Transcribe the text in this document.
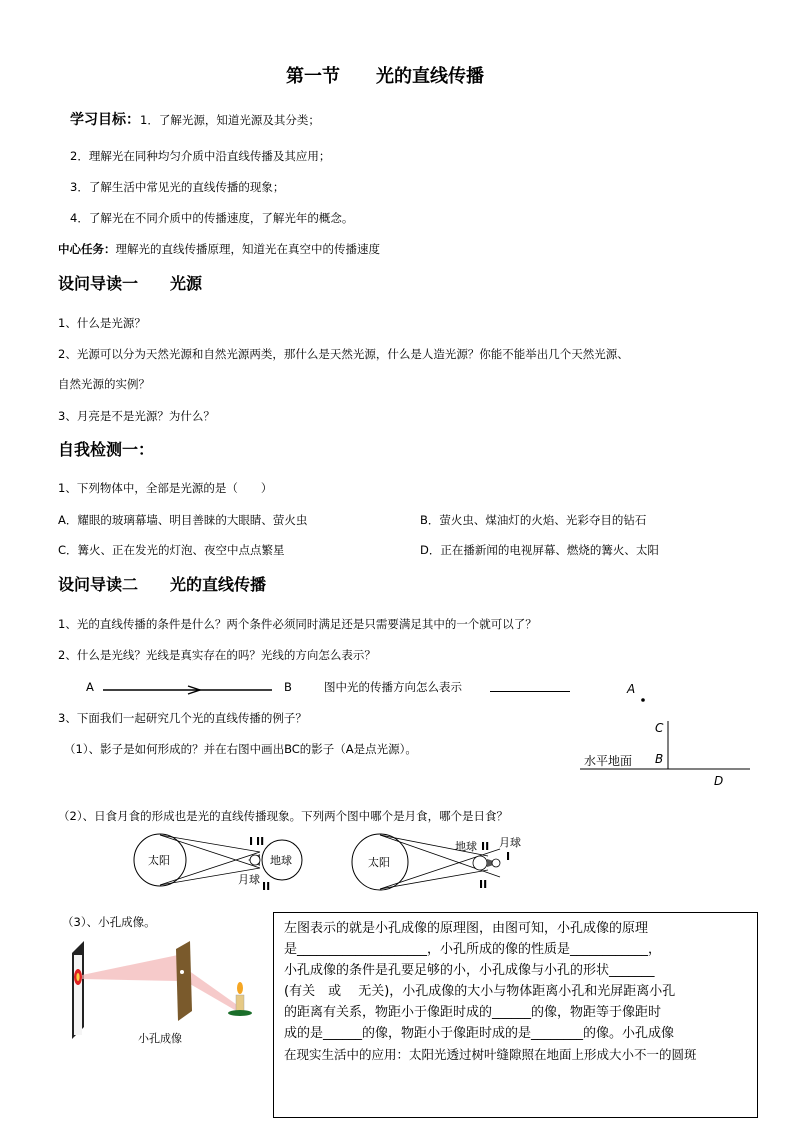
第一节　　光的直线传播
学习目标：1．了解光源，知道光源及其分类；
2．理解光在同种均匀介质中沿直线传播及其应用；
3．了解生活中常见光的直线传播的现象；
4．了解光在不同介质中的传播速度，了解光年的概念。
中心任务：理解光的直线传播原理，知道光在真空中的传播速度
设问导读一　　光源
1、什么是光源？
2、光源可以分为天然光源和自然光源两类，那什么是天然光源，什么是人造光源？你能不能举出几个天然光源、
自然光源的实例？
3、月亮是不是光源？为什么？
自我检测一：
1、下列物体中，全部是光源的是（　　）
A．耀眼的玻璃幕墙、明目善睐的大眼睛、萤火虫	B．萤火虫、煤油灯的火焰、光彩夺目的钻石
C．篝火、正在发光的灯泡、夜空中点点繁星	D．正在播新闻的电视屏幕、燃烧的篝火、太阳
设问导读二　　光的直线传播
1、光的直线传播的条件是什么？两个条件必须同时满足还是只需要满足其中的一个就可以了？
2、什么是光线？光线是真实存在的吗？光线的方向怎么表示？
A	B	图中光的传播方向怎么表示
3、下面我们一起研究几个光的直线传播的例子？
（1）、影子是如何形成的？并在右图中画出BC的影子（A是点光源）。
A
C
B
水平地面
D
（2）、日食月食的形成也是光的直线传播现象。下列两个图中哪个是月食，哪个是日食？
太阳	地球
I II
月球
II
太阳
地球 II 月球
I
II
（3）、小孔成像。
小孔成像
左图表示的就是小孔成像的原理图，由图可知，小孔成像的原理
是____________________，小孔所成的像的性质是____________，
小孔成像的条件是孔要足够的小，小孔成像与小孔的形状_______
(有关　或　 无关)，小孔成像的大小与物体距离小孔和光屏距离小孔
的距离有关系，物距小于像距时成的______的像，物距等于像距时
成的是______的像，物距小于像距时成的是________的像。小孔成像
在现实生活中的应用：太阳光透过树叶缝隙照在地面上形成大小不一的圆斑
